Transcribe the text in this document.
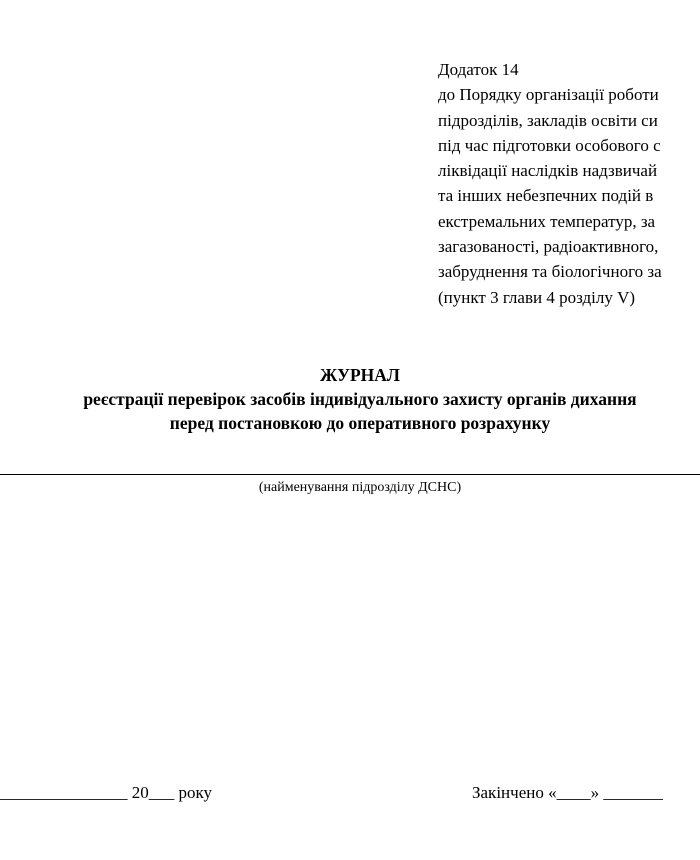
Додаток 14
до Порядку організації роботи
підрозділів, закладів освіти си
під час підготовки особового с
ліквідації наслідків надзвичай
та інших небезпечних подій в
екстремальних температур, за
загазованості, радіоактивного,
забруднення та біологічного за
(пункт 3 глави 4 розділу V)
ЖУРНАЛ
реєстрації перевірок засобів індивідуального захисту органів дихання
перед постановкою до оперативного розрахунку
(найменування підрозділу ДСНС)
_______________ 20___ року	Закінчено «____» _______
